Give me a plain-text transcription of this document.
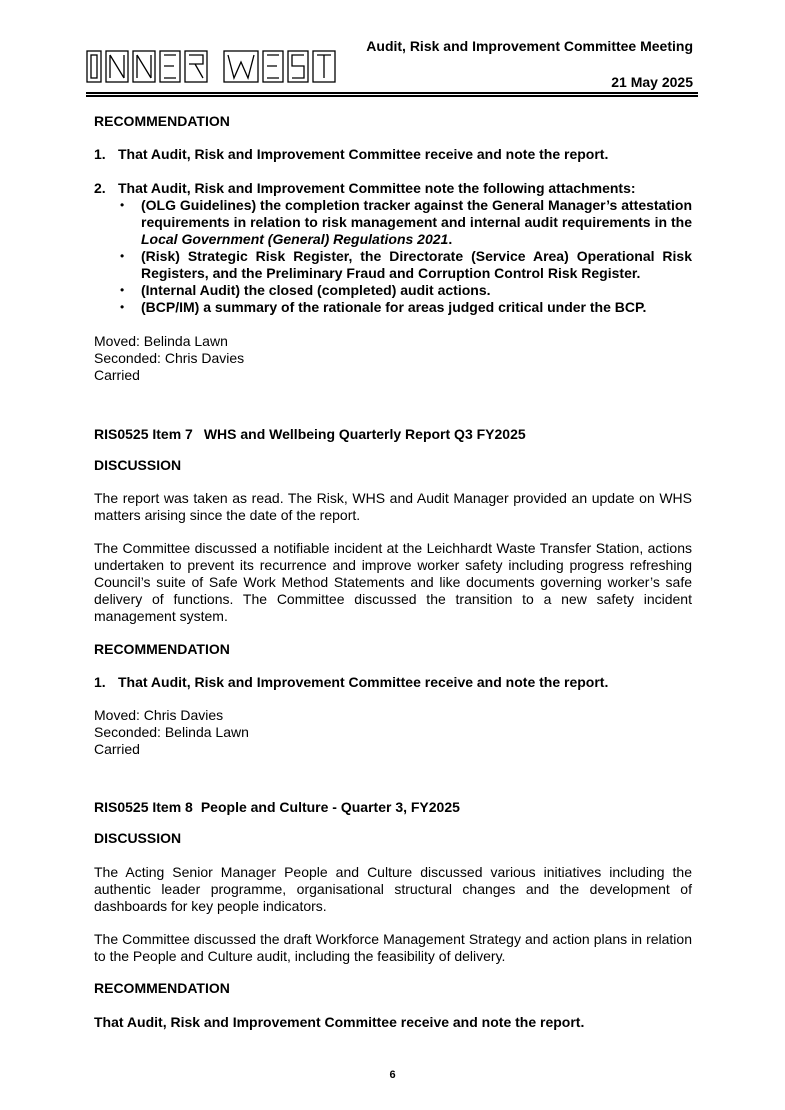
Audit, Risk and Improvement Committee Meeting
21 May 2025
RECOMMENDATION
1. That Audit, Risk and Improvement Committee receive and note the report.
2. That Audit, Risk and Improvement Committee note the following attachments:
• (OLG Guidelines) the completion tracker against the General Manager’s attestation requirements in relation to risk management and internal audit requirements in the Local Government (General) Regulations 2021.
• (Risk) Strategic Risk Register, the Directorate (Service Area) Operational Risk Registers, and the Preliminary Fraud and Corruption Control Risk Register.
• (Internal Audit) the closed (completed) audit actions.
• (BCP/IM) a summary of the rationale for areas judged critical under the BCP.
Moved: Belinda Lawn
Seconded: Chris Davies
Carried
RIS0525 Item 7 WHS and Wellbeing Quarterly Report Q3 FY2025
DISCUSSION
The report was taken as read. The Risk, WHS and Audit Manager provided an update on WHS matters arising since the date of the report.
The Committee discussed a notifiable incident at the Leichhardt Waste Transfer Station, actions undertaken to prevent its recurrence and improve worker safety including progress refreshing Council’s suite of Safe Work Method Statements and like documents governing worker’s safe delivery of functions. The Committee discussed the transition to a new safety incident management system.
RECOMMENDATION
1. That Audit, Risk and Improvement Committee receive and note the report.
Moved: Chris Davies
Seconded: Belinda Lawn
Carried
RIS0525 Item 8 People and Culture - Quarter 3, FY2025
DISCUSSION
The Acting Senior Manager People and Culture discussed various initiatives including the authentic leader programme, organisational structural changes and the development of dashboards for key people indicators.
The Committee discussed the draft Workforce Management Strategy and action plans in relation to the People and Culture audit, including the feasibility of delivery.
RECOMMENDATION
That Audit, Risk and Improvement Committee receive and note the report.
6
